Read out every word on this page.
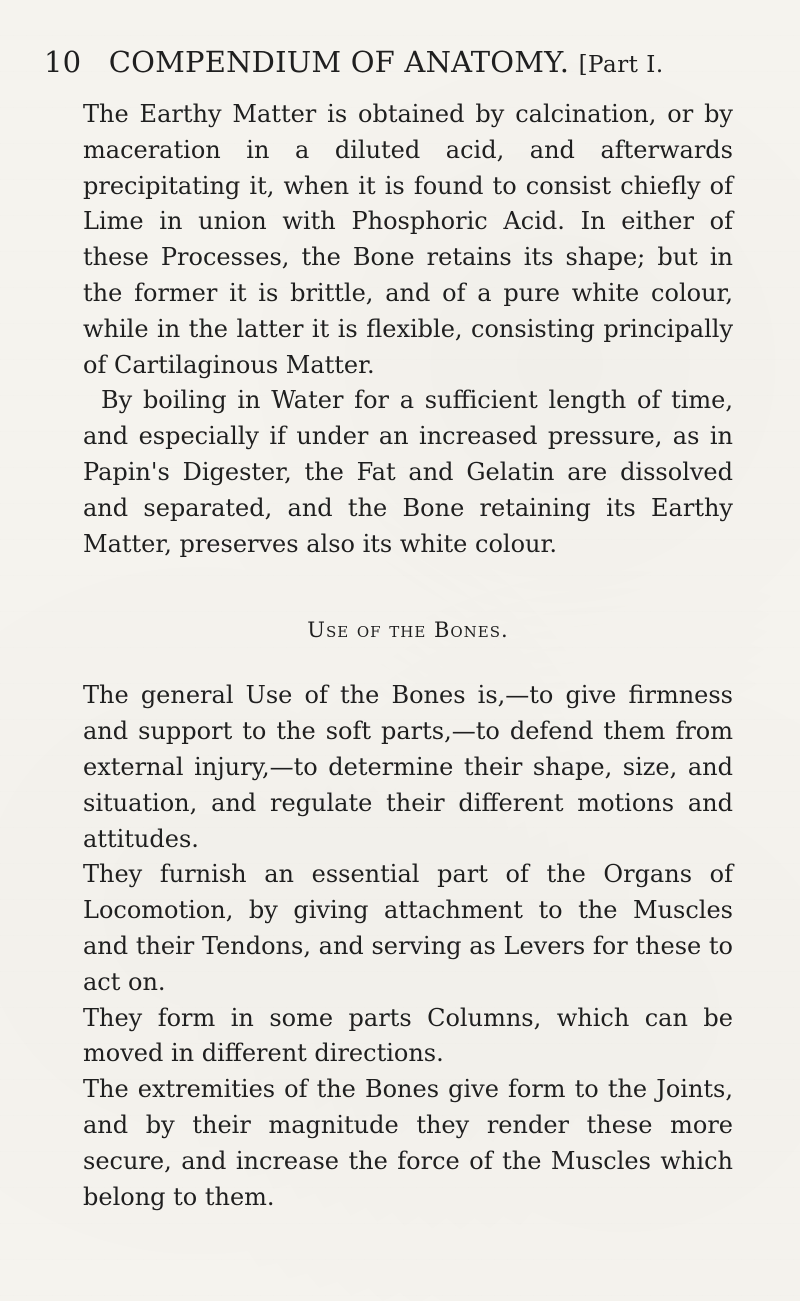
10 COMPENDIUM OF ANATOMY. [Part I.

The Earthy Matter is obtained by calcination, or by maceration in a diluted acid, and afterwards precipitating it, when it is found to consist chiefly of Lime in union with Phosphoric Acid. In either of these Processes, the Bone retains its shape; but in the former it is brittle, and of a pure white colour, while in the latter it is flexible, consisting principally of Cartilaginous Matter.

By boiling in Water for a sufficient length of time, and especially if under an increased pressure, as in Papin's Digester, the Fat and Gelatin are dissolved and separated, and the Bone retaining its Earthy Matter, preserves also its white colour.

Use of the Bones.

The general Use of the Bones is,—to give firmness and support to the soft parts,—to defend them from external injury,—to determine their shape, size, and situation, and regulate their different motions and attitudes.

They furnish an essential part of the Organs of Locomotion, by giving attachment to the Muscles and their Tendons, and serving as Levers for these to act on.

They form in some parts Columns, which can be moved in different directions.

The extremities of the Bones give form to the Joints, and by their magnitude they render these more secure, and increase the force of the Muscles which belong to them.
